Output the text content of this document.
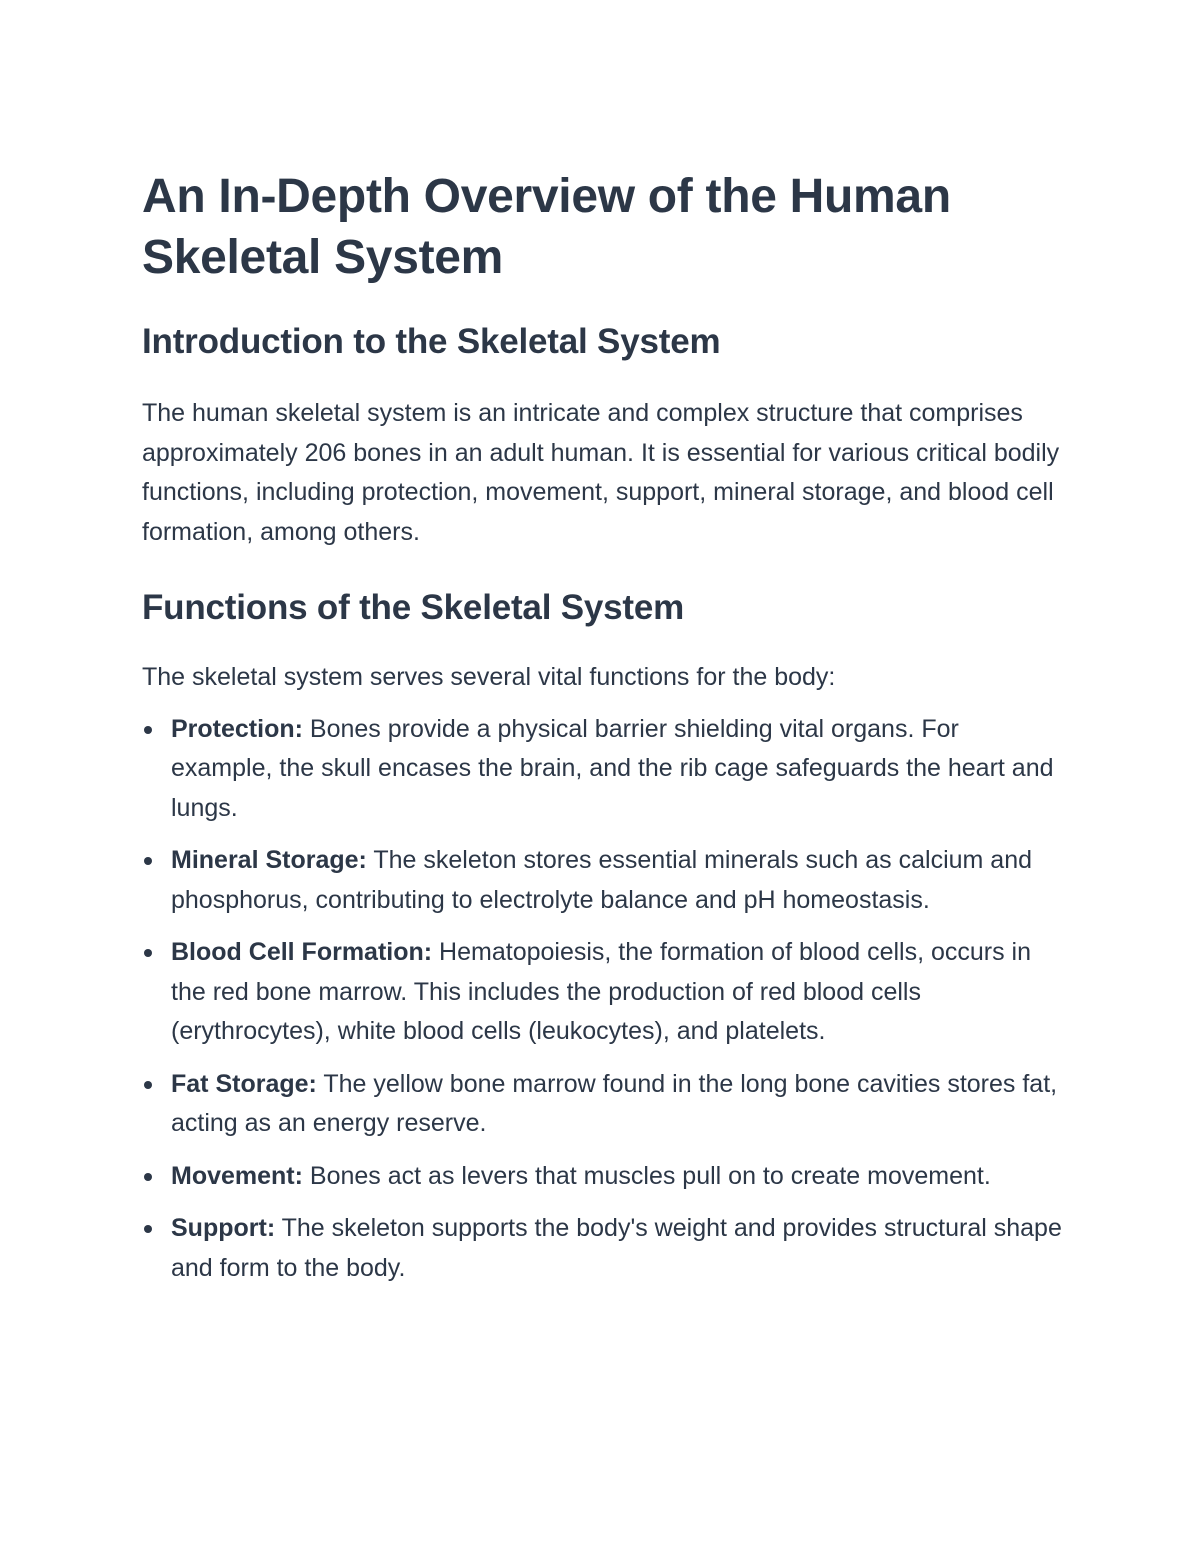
An In-Depth Overview of the Human Skeletal System
Introduction to the Skeletal System

The human skeletal system is an intricate and complex structure that comprises approximately 206 bones in an adult human. It is essential for various critical bodily functions, including protection, movement, support, mineral storage, and blood cell formation, among others.

Functions of the Skeletal System

The skeletal system serves several vital functions for the body:

Protection: Bones provide a physical barrier shielding vital organs. For example, the skull encases the brain, and the rib cage safeguards the heart and lungs.
Mineral Storage: The skeleton stores essential minerals such as calcium and phosphorus, contributing to electrolyte balance and pH homeostasis.
Blood Cell Formation: Hematopoiesis, the formation of blood cells, occurs in the red bone marrow. This includes the production of red blood cells (erythrocytes), white blood cells (leukocytes), and platelets.
Fat Storage: The yellow bone marrow found in the long bone cavities stores fat, acting as an energy reserve.
Movement: Bones act as levers that muscles pull on to create movement.
Support: The skeleton supports the body's weight and provides structural shape and form to the body.
